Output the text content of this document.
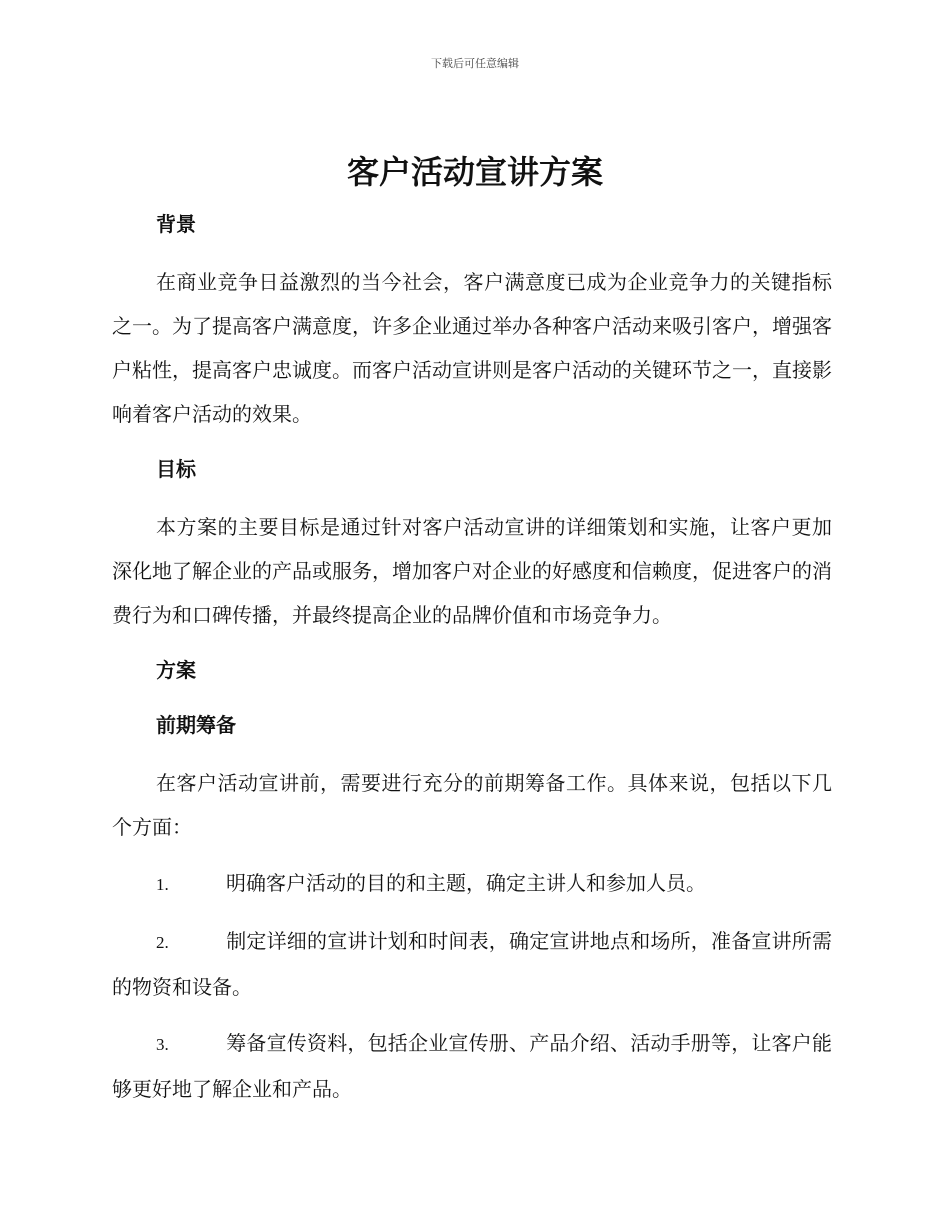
下载后可任意编辑
客户活动宣讲方案
背景

在商业竞争日益激烈的当今社会，客户满意度已成为企业竞争力的关键指标之一。为了提高客户满意度，许多企业通过举办各种客户活动来吸引客户，增强客户粘性，提高客户忠诚度。而客户活动宣讲则是客户活动的关键环节之一，直接影响着客户活动的效果。

目标

本方案的主要目标是通过针对客户活动宣讲的详细策划和实施，让客户更加深化地了解企业的产品或服务，增加客户对企业的好感度和信赖度，促进客户的消费行为和口碑传播，并最终提高企业的品牌价值和市场竞争力。

方案
前期筹备

在客户活动宣讲前，需要进行充分的前期筹备工作。具体来说，包括以下几个方面：

1.	明确客户活动的目的和主题，确定主讲人和参加人员。

2.	制定详细的宣讲计划和时间表，确定宣讲地点和场所，准备宣讲所需的物资和设备。

3.	筹备宣传资料，包括企业宣传册、产品介绍、活动手册等，让客户能够更好地了解企业和产品。
